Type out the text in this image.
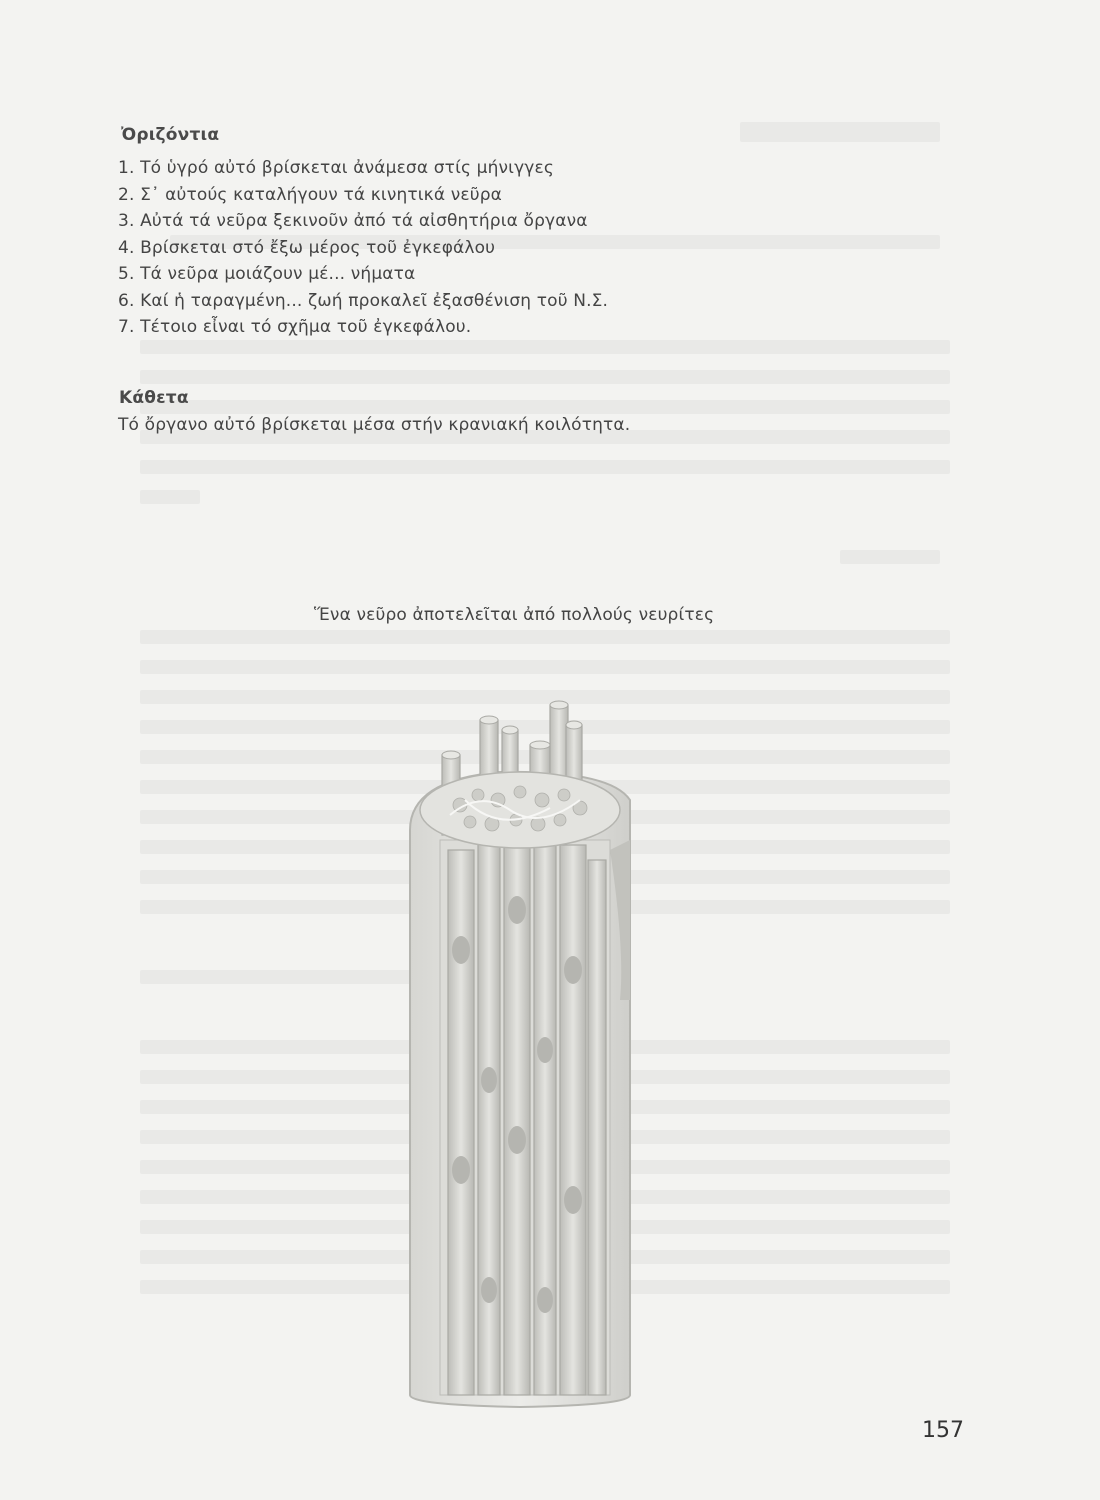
Ὀριζόντια
1. Τό ὑγρό αὐτό βρίσκεται ἀνάμεσα στίς μήνιγγες
2. Σ᾿ αὐτούς καταλήγουν τά κινητικά νεῦρα
3. Αὐτά τά νεῦρα ξεκινοῦν ἀπό τά αἰσθητήρια ὄργανα
4. Βρίσκεται στό ἔξω μέρος τοῦ ἐγκεφάλου
5. Τά νεῦρα μοιάζουν μέ... νήματα
6. Καί ἡ ταραγμένη... ζωή προκαλεῖ ἐξασθένιση τοῦ Ν.Σ.
7. Τέτοιο εἶναι τό σχῆμα τοῦ ἐγκεφάλου.
Κάθετα
Τό ὄργανο αὐτό βρίσκεται μέσα στήν κρανιακή κοιλότητα.
Ἕνα νεῦρο ἀποτελεῖται ἀπό πολλούς νευρίτες
157
